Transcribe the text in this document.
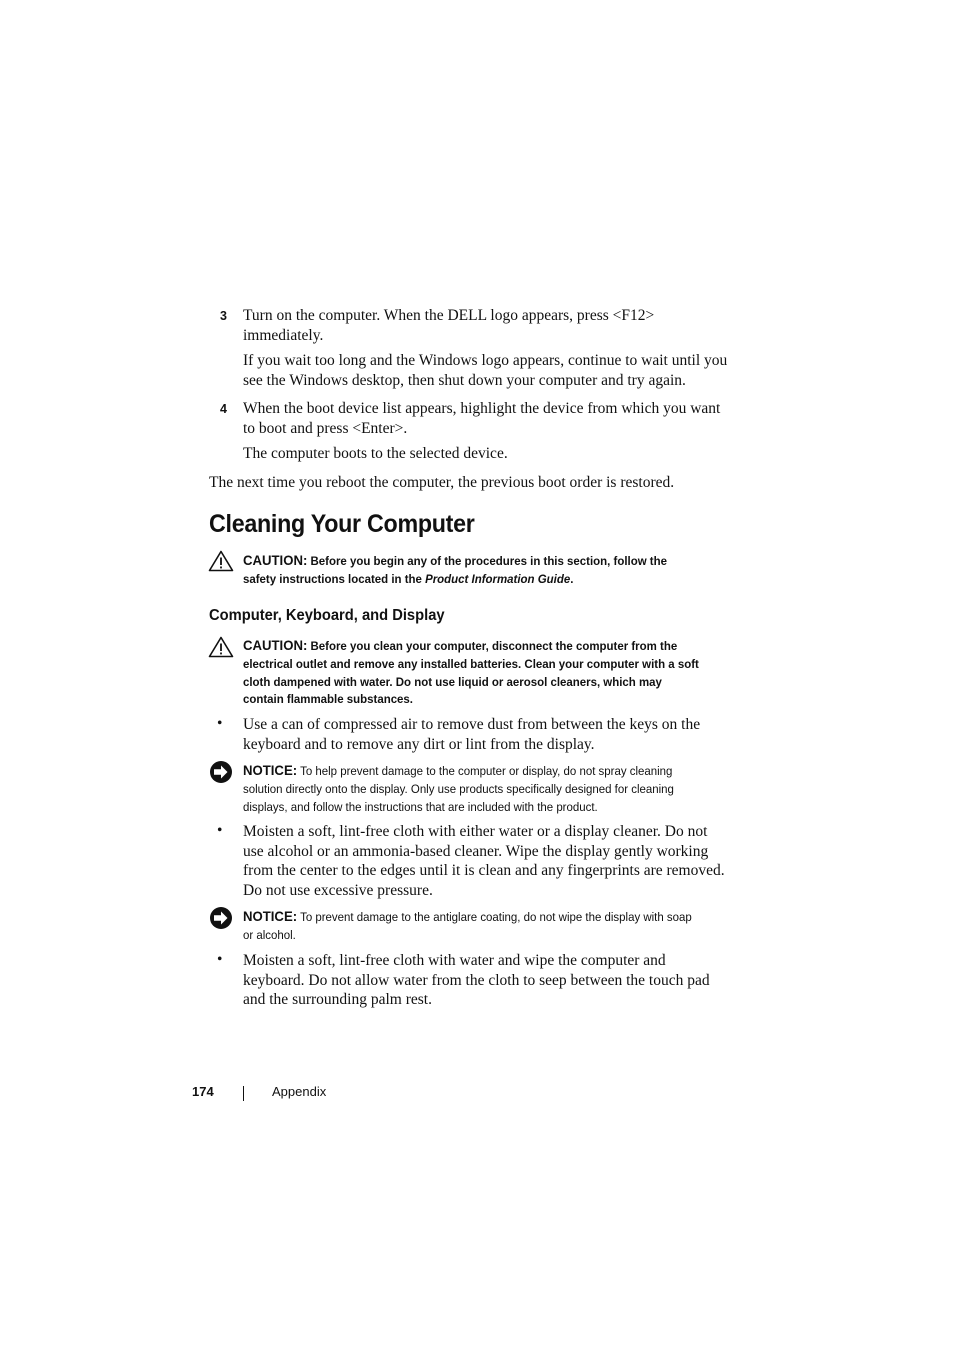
3 Turn on the computer. When the DELL logo appears, press <F12> immediately.
If you wait too long and the Windows logo appears, continue to wait until you see the Windows desktop, then shut down your computer and try again.
4 When the boot device list appears, highlight the device from which you want to boot and press <Enter>.
The computer boots to the selected device.
The next time you reboot the computer, the previous boot order is restored.
Cleaning Your Computer
CAUTION: Before you begin any of the procedures in this section, follow the safety instructions located in the Product Information Guide.
Computer, Keyboard, and Display
CAUTION: Before you clean your computer, disconnect the computer from the electrical outlet and remove any installed batteries. Clean your computer with a soft cloth dampened with water. Do not use liquid or aerosol cleaners, which may contain flammable substances.
• Use a can of compressed air to remove dust from between the keys on the keyboard and to remove any dirt or lint from the display.
NOTICE: To help prevent damage to the computer or display, do not spray cleaning solution directly onto the display. Only use products specifically designed for cleaning displays, and follow the instructions that are included with the product.
• Moisten a soft, lint-free cloth with either water or a display cleaner. Do not use alcohol or an ammonia-based cleaner. Wipe the display gently working from the center to the edges until it is clean and any fingerprints are removed. Do not use excessive pressure.
NOTICE: To prevent damage to the antiglare coating, do not wipe the display with soap or alcohol.
• Moisten a soft, lint-free cloth with water and wipe the computer and keyboard. Do not allow water from the cloth to seep between the touch pad and the surrounding palm rest.
174	Appendix
